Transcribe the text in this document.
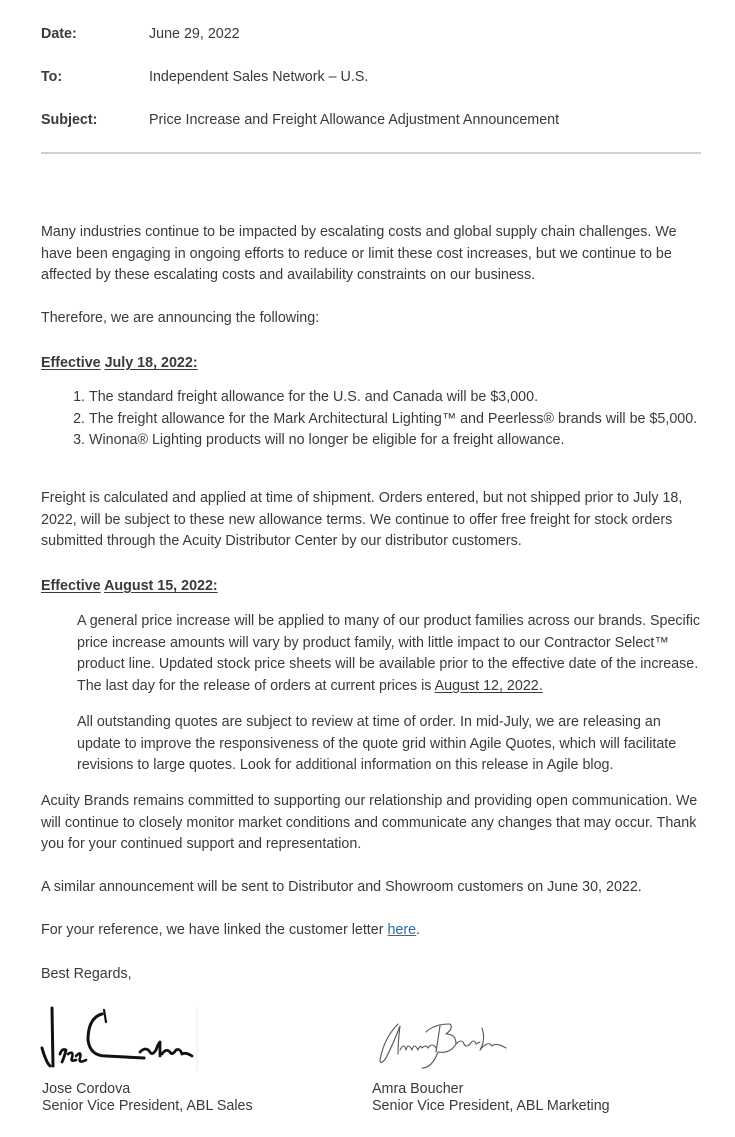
Date:	June 29, 2022
To:	Independent Sales Network – U.S.
Subject:	Price Increase and Freight Allowance Adjustment Announcement

Many industries continue to be impacted by escalating costs and global supply chain challenges. We have been engaging in ongoing efforts to reduce or limit these cost increases, but we continue to be affected by these escalating costs and availability constraints on our business.

Therefore, we are announcing the following:

Effective July 18, 2022:
1. The standard freight allowance for the U.S. and Canada will be $3,000.
2. The freight allowance for the Mark Architectural Lighting™ and Peerless® brands will be $5,000.
3. Winona® Lighting products will no longer be eligible for a freight allowance.

Freight is calculated and applied at time of shipment. Orders entered, but not shipped prior to July 18, 2022, will be subject to these new allowance terms. We continue to offer free freight for stock orders submitted through the Acuity Distributor Center by our distributor customers.

Effective August 15, 2022:

A general price increase will be applied to many of our product families across our brands. Specific price increase amounts will vary by product family, with little impact to our Contractor Select™ product line. Updated stock price sheets will be available prior to the effective date of the increase. The last day for the release of orders at current prices is August 12, 2022.

All outstanding quotes are subject to review at time of order. In mid-July, we are releasing an update to improve the responsiveness of the quote grid within Agile Quotes, which will facilitate revisions to large quotes. Look for additional information on this release in Agile blog.

Acuity Brands remains committed to supporting our relationship and providing open communication. We will continue to closely monitor market conditions and communicate any changes that may occur. Thank you for your continued support and representation.

A similar announcement will be sent to Distributor and Showroom customers on June 30, 2022.

For your reference, we have linked the customer letter here.

Best Regards,

Jose Cordova
Senior Vice President, ABL Sales
Amra Boucher
Senior Vice President, ABL Marketing
